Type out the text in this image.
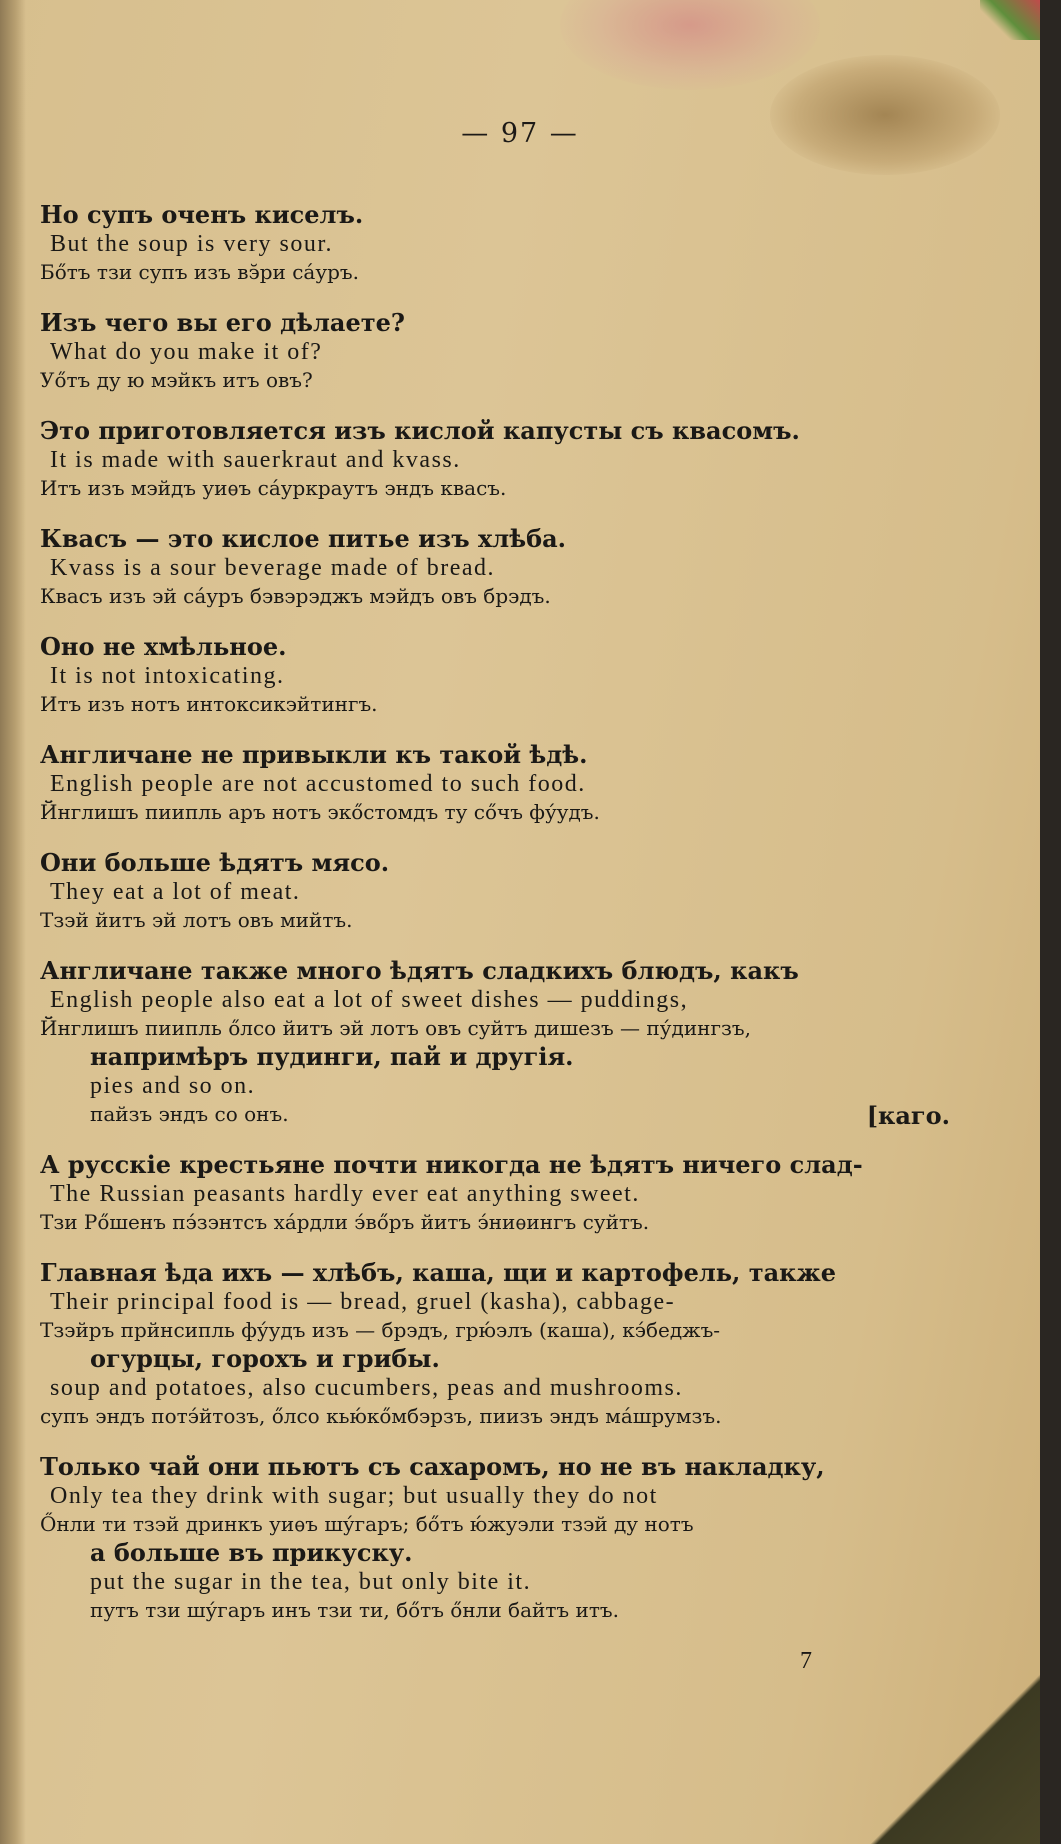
— 97 —
Но супъ оченъ киселъ.
But the soup is very sour.
Бőтъ тзи супъ изъ вэ̆ри сáуръ.
Изъ чего вы его дѣлаете?
What do you make it of?
Уőтъ ду ю мэйкъ итъ овъ?
Это приготовляется изъ кислой капусты съ квасомъ.
It is made with sauerkraut and kvass.
Итъ изъ мэйдъ уиѳъ сáуркраутъ эндъ квасъ.
Квасъ — это кислое питье изъ хлѣба.
Kvass is a sour beverage made of bread.
Квасъ изъ эй сáуръ бэвэрэджъ мэйдъ овъ брэдъ.
Оно не хмѣльное.
It is not intoxicating.
Итъ изъ нотъ интоксикэйтингъ.
Англичане не привыкли къ такой ѣдѣ.
English people are not accustomed to such food.
Йнглишъ пиипль аръ нотъ экőстомдъ ту сőчъ фу́удъ.
Они больше ѣдятъ мясо.
They eat a lot of meat.
Тзэй йитъ эй лотъ овъ мийтъ.
Англичане также много ѣдятъ сладкихъ блюдъ, какъ
English people also eat a lot of sweet dishes — puddings,
Йнглишъ пиипль őлсо йитъ эй лотъ овъ суйтъ дишезъ — пу́дингзъ,
напримѣръ пудинги, пай и другія.
pies and so on.
пайзъ эндъ со онъ.	[каго.
А русскіе крестьяне почти никогда не ѣдятъ ничего слад-
The Russian peasants hardly ever eat anything sweet.
Тзи Рőшенъ пэ́зэнтсъ хáрдли э́вőръ йитъ э́ниѳингъ суйтъ.
Главная ѣда ихъ — хлѣбъ, каша, щи и картофель, также
Their principal food is — bread, gruel (kasha), cabbage-
Тзэйръ прйнсипль фу́удъ изъ — брэдъ, грю́элъ (каша), кэ́беджъ-
огурцы, горохъ и грибы.
soup and potatoes, also cucumbers, peas and mushrooms.
супъ эндъ потэ́йтозъ, őлсо кью́кőмбэрзъ, пиизъ эндъ мáшрумзъ.
Только чай они пьютъ съ сахаромъ, но не въ накладку,
Only tea they drink with sugar; but usually they do not
Őнли ти тзэй дринкъ уиѳъ шу́гаръ; бőтъ ю́жуэли тзэй ду нотъ
а больше въ прикуску.
put the sugar in the tea, but only bite it.
путъ тзи шу́гаръ инъ тзи ти, бőтъ őнли байтъ итъ.
7
